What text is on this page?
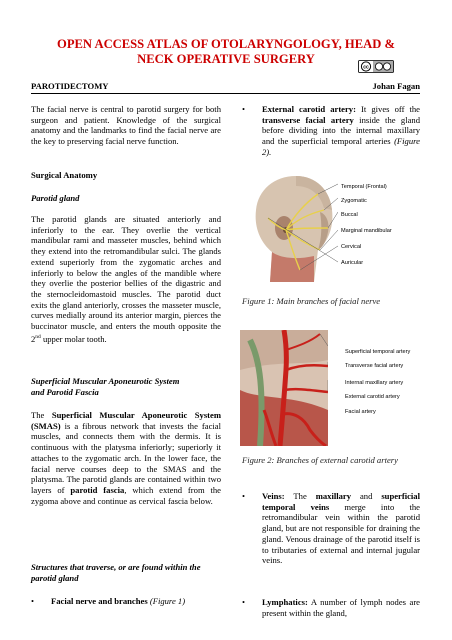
OPEN ACCESS ATLAS OF OTOLARYNGOLOGY, HEAD &
NECK OPERATIVE SURGERY
cc
PAROTIDECTOMY	Johan Fagan

The facial nerve is central to parotid surgery for both surgeon and patient. Knowledge of the surgical anatomy and the landmarks to find the facial nerve are the key to preserving facial nerve function.

Surgical Anatomy

Parotid gland

The parotid glands are situated anteriorly and inferiorly to the ear. They overlie the vertical mandibular rami and masseter muscles, behind which they extend into the retromandibular sulci. The glands extend superiorly from the zygomatic arches and inferiorly to below the angles of the mandible where they overlie the posterior bellies of the digastric and the sternocleidomastoid muscles. The parotid duct exits the gland anteriorly, crosses the masseter muscle, curves medially around its anterior margin, pierces the buccinator muscle, and enters the mouth opposite the 2nd upper molar tooth.

Superficial Muscular Aponeurotic System

and Parotid Fascia

The Superficial Muscular Aponeurotic System (SMAS) is a fibrous network that invests the facial muscles, and connects them with the dermis. It is continuous with the platysma inferiorly; superiorly it attaches to the zygomatic arch. In the lower face, the facial nerve courses deep to the SMAS and the platysma. The parotid glands are contained within two layers of parotid fascia, which extend from the zygoma above and continue as cervical fascia below.

Structures that traverse, or are found within the parotid gland

• Facial nerve and branches (Figure 1)

• External carotid artery: It gives off the transverse facial artery inside the gland before dividing into the internal maxillary and the superficial temporal arteries (Figure 2).

Temporal (Frontal)
Zygomatic
Buccal
Marginal mandibular
Cervical
Auricular
Figure 1: Main branches of facial nerve
Superficial temporal artery
Transverse facial artery
Internal maxillary artery
External carotid artery
Facial artery
Figure 2: Branches of external carotid artery

• Veins: The maxillary and superficial temporal veins merge into the retromandibular vein within the parotid gland, but are not responsible for draining the gland. Venous drainage of the parotid itself is to tributaries of external and internal jugular veins.

• Lymphatics: A number of lymph nodes are present within the gland,
